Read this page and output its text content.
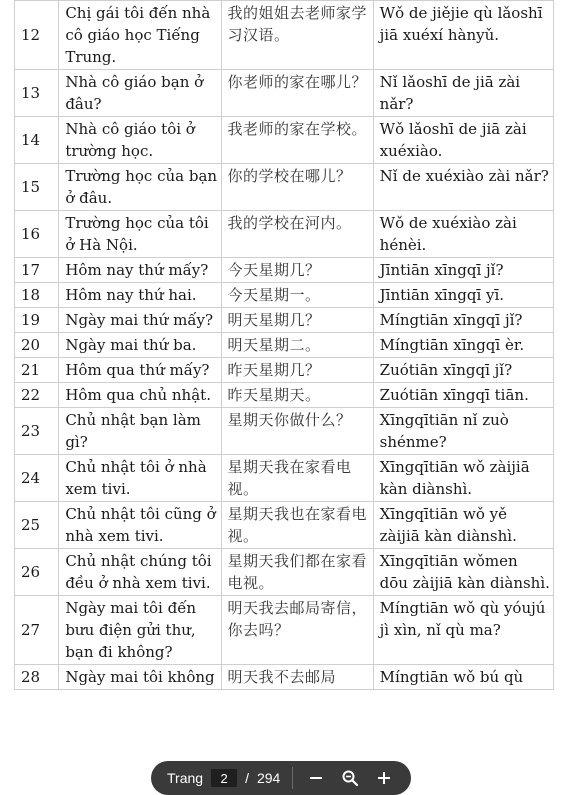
12	Chị gái tôi đến nhà cô giáo học Tiếng Trung.	我的姐姐去老师家学习汉语。	Wǒ de jiějie qù lǎoshī jiā xuéxí hànyǔ.
13	Nhà cô giáo bạn ở đâu?	你老师的家在哪儿？	Nǐ lǎoshī de jiā zài nǎr?
14	Nhà cô giáo tôi ở trường học.	我老师的家在学校。	Wǒ lǎoshī de jiā zài xuéxiào.
15	Trường học của bạn ở đâu.	你的学校在哪儿？	Nǐ de xuéxiào zài nǎr?
16	Trường học của tôi ở Hà Nội.	我的学校在河内。	Wǒ de xuéxiào zài hénèi.
17	Hôm nay thứ mấy?	今天星期几？	Jīntiān xīngqī jǐ?
18	Hôm nay thứ hai.	今天星期一。	Jīntiān xīngqī yī.
19	Ngày mai thứ mấy?	明天星期几？	Míngtiān xīngqī jǐ?
20	Ngày mai thứ ba.	明天星期二。	Míngtiān xīngqī èr.
21	Hôm qua thứ mấy?	昨天星期几？	Zuótiān xīngqī jǐ?
22	Hôm qua chủ nhật.	昨天星期天。	Zuótiān xīngqī tiān.
23	Chủ nhật bạn làm gì?	星期天你做什么？	Xīngqītiān nǐ zuò shénme?
24	Chủ nhật tôi ở nhà xem tivi.	星期天我在家看电视。	Xīngqītiān wǒ zàijiā kàn diànshì.
25	Chủ nhật tôi cũng ở nhà xem tivi.	星期天我也在家看电视。	Xīngqītiān wǒ yě zàijiā kàn diànshì.
26	Chủ nhật chúng tôi đều ở nhà xem tivi.	星期天我们都在家看电视。	Xīngqītiān wǒmen dōu zàijiā kàn diànshì.
27	Ngày mai tôi đến bưu điện gửi thư, bạn đi không?	明天我去邮局寄信，你去吗？	Míngtiān wǒ qù yóujú jì xìn, nǐ qù ma?
28	Ngày mai tôi không	明天我不去邮局	Míngtiān wǒ bú qù
Trang
2	/ 294
